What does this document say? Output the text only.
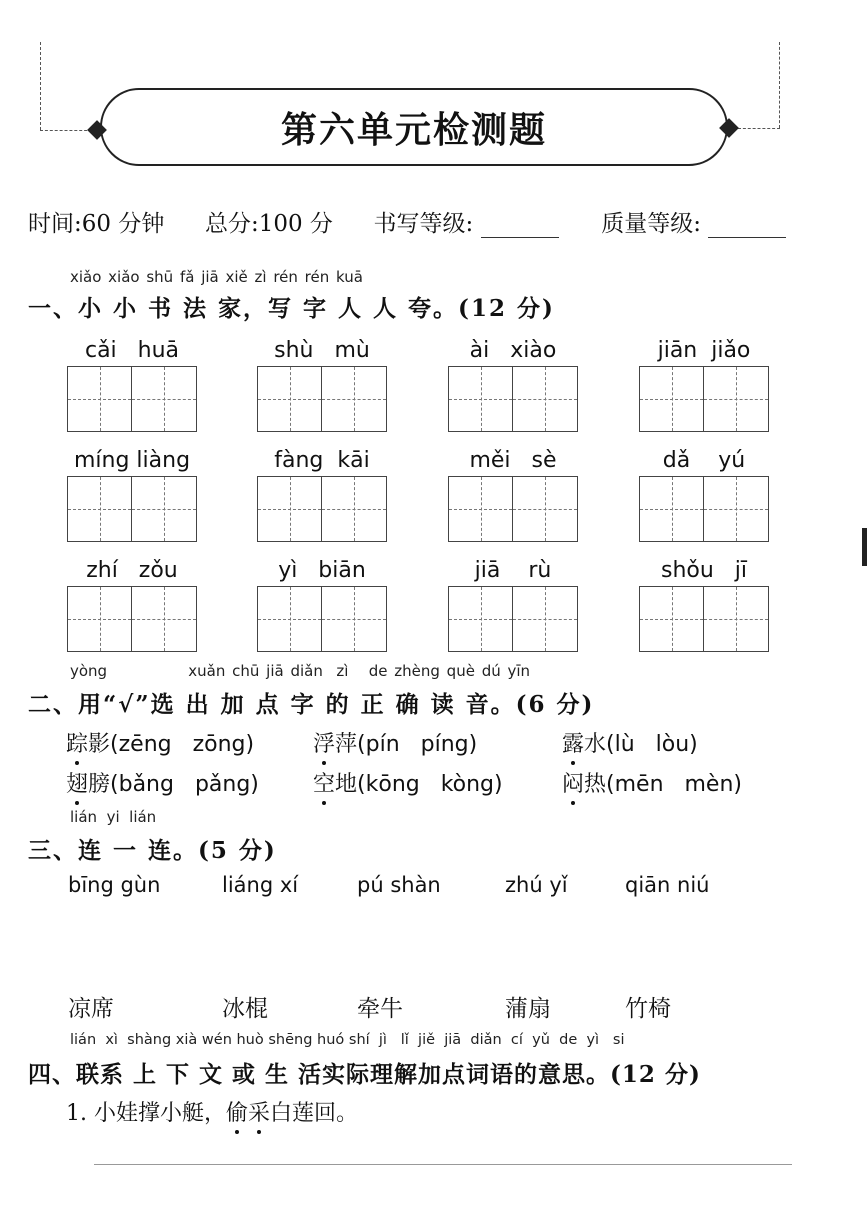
第六单元检测题
时间:60 分钟 总分:100 分 书写等级:	质量等级:
xiǎo xiǎo shū fǎ jiā xiě zì rén rén kuā
一、小 小 书 法 家，写 字 人 人 夸。(12 分)
cǎi   huā	shù   mù	ài   xiào	jiān  jiǎo
míng liàng	fàng  kāi	měi   sè	dǎ    yú
zhí   zǒu	yì   biān	jiā    rù	shǒu   jī
yòng            xuǎn chū jiā diǎn  zì   de zhèng què dú yīn
二、用“√”选 出 加 点 字 的 正 确 读 音。(6 分)
踪影(zēng   zōng)	浮萍(pín   píng)	露水(lù   lòu)
翅膀(bǎng   pǎng) 空地(kōng   kòng)	闷热(mēn   mèn)
lián  yi  lián
三、连 一 连。(5 分)
bīng gùn	liáng xí	pú shàn	zhú yǐ	qiān niú
凉席	冰棍	牵牛	蒲扇	竹椅
lián  xì  shàng xià wén huò shēng huó shí  jì   lǐ  jiě  jiā  diǎn  cí  yǔ  de  yì   si
四、联系 上 下 文 或 生 活实际理解加点词语的意思。(12 分)
1. 小娃撑小艇，偷采白莲回。
